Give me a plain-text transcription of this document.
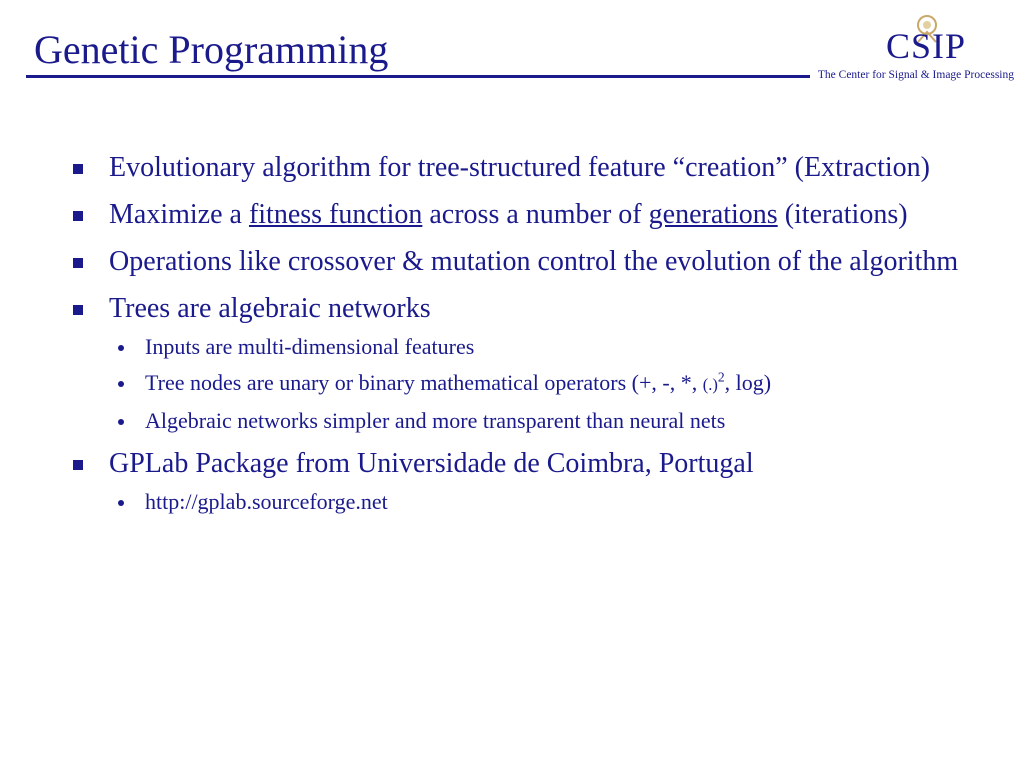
Genetic Programming	CSIP
The Center for Signal & Image Processing
Evolutionary algorithm for tree-structured feature “creation” (Extraction)
Maximize a fitness function across a number of generations (iterations)
Operations like crossover & mutation control the evolution of the algorithm
Trees are algebraic networks
Inputs are multi-dimensional features
Tree nodes are unary or binary mathematical operators (+, -, *, (.)$^2$, log)
Algebraic networks simpler and more transparent than neural nets
GPLab Package from Universidade de Coimbra, Portugal
http://gplab.sourceforge.net
